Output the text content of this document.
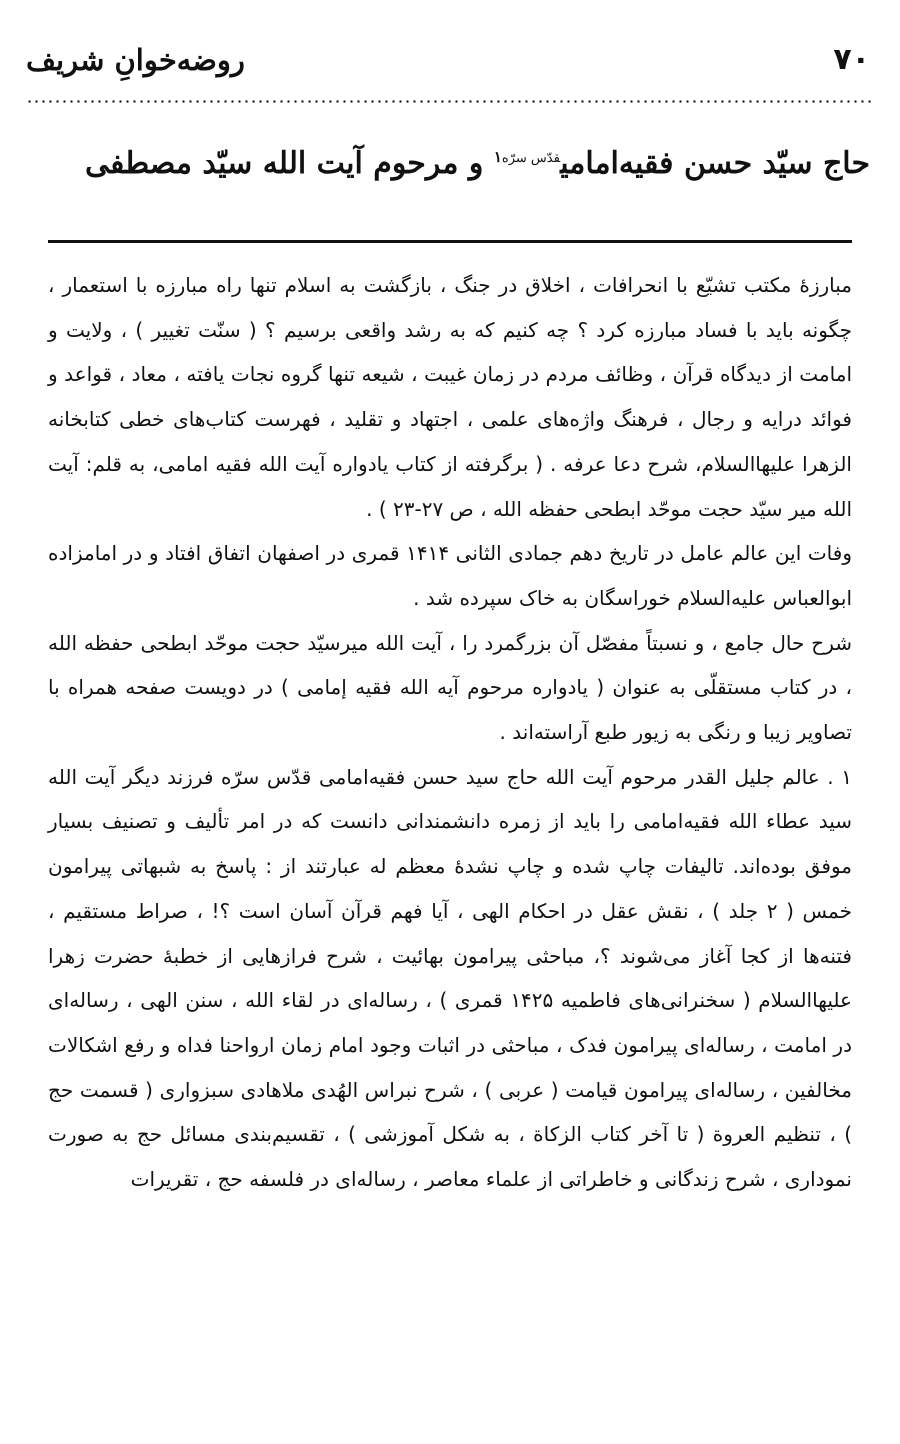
روضه‌خوانِ شریف	۷۰
حاج سیّد حسن فقیه‌امامی$^{قدّس سرّه۱}$ و مرحوم آیت الله سیّد مصطفی
مبارزهٔ مکتب تشیّع با انحرافات ، اخلاق در جنگ ، بازگشت به اسلام تنها راه مبارزه با استعمار ، چگونه باید با فساد مبارزه کرد ؟ چه کنیم که به رشد واقعی برسیم ؟ ( سنّت تغییر ) ، ولایت و امامت از دیدگاه قرآن ، وظائف مردم در زمان غیبت ، شیعه تنها گروه نجات یافته ، معاد ، قواعد و فوائد درایه و رجال ، فرهنگ واژه‌های علمی ، اجتهاد و تقلید ، فهرست کتاب‌های خطی کتابخانه الزهرا علیهاالسلام، شرح دعا عرفه . ( برگرفته از کتاب یادواره آیت الله فقیه امامی، به قلم: آیت الله میر سیّد حجت موحّد ابطحی حفظه الله ، ص ۲۷-۲۳ ) .
وفات این عالم عامل در تاریخ دهم جمادی الثانی ۱۴۱۴ قمری در اصفهان اتفاق افتاد و در امامزاده ابوالعباس علیه‌السلام خوراسگان به خاک سپرده شد .
شرح حال جامع ، و نسبتاً مفصّل آن بزرگمرد را ، آیت الله میرسیّد حجت موحّد ابطحی حفظه الله ، در کتاب مستقلّی به عنوان ( یادواره مرحوم آیه الله فقیه إمامی ) در دویست صفحه همراه با تصاویر زیبا و رنگی به زیور طبع آراسته‌اند .
۱ . عالم جلیل القدر مرحوم آیت الله حاج سید حسن فقیه‌امامی قدّس سرّه فرزند دیگر آیت الله سید عطاء الله فقیه‌امامی را باید از زمره دانشمندانی دانست که در امر تألیف و تصنیف بسیار موفق بوده‌اند. تالیفات چاپ شده و چاپ نشدهٔ معظم له عبارتند از : پاسخ به شبهاتی پیرامون خمس ( ۲ جلد ) ، نقش عقل در احکام الهی ، آیا فهم قرآن آسان است ؟! ، صراط مستقیم ، فتنه‌ها از کجا آغاز می‌شوند ؟، مباحثی پیرامون بهائیت ، شرح فرازهایی از خطبهٔ حضرت زهرا علیهاالسلام ( سخنرانی‌های فاطمیه ۱۴۲۵ قمری ) ، رساله‌ای در لقاء الله ، سنن الهی ، رساله‌ای در امامت ، رساله‌ای پیرامون فدک ، مباحثی در اثبات وجود امام زمان ارواحنا فداه و رفع اشکالات مخالفین ، رساله‌ای پیرامون قیامت ( عربی ) ، شرح نبراس الهُدی ملاهادی سبزواری ( قسمت حج ) ، تنظیم العروة ( تا آخر کتاب الزکاة ، به شکل آموزشی ) ، تقسیم‌بندی مسائل حج به صورت نموداری ، شرح زندگانی و خاطراتی از علماء معاصر ، رساله‌ای در فلسفه حج ، تقریرات
